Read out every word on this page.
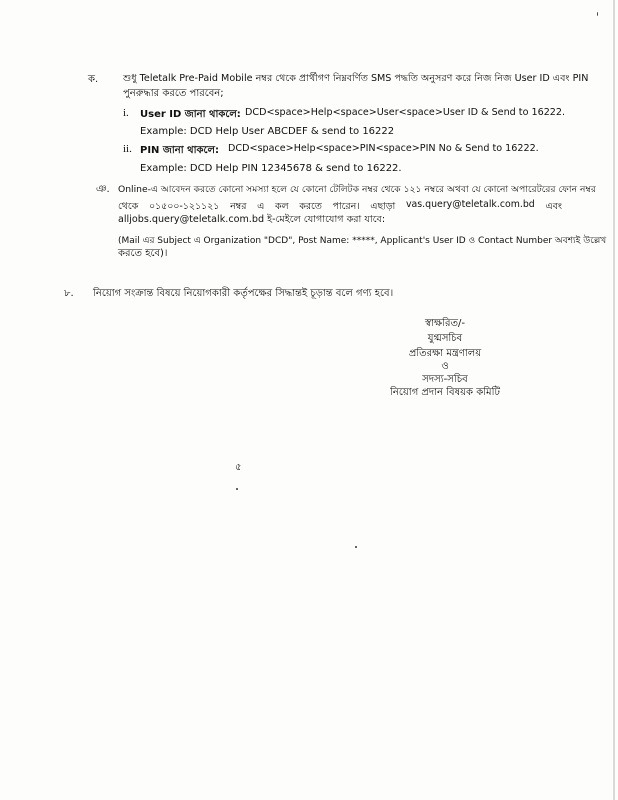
ক.	শুধু Teletalk Pre-Paid Mobile নম্বর থেকে প্রার্থীগণ নিম্নবর্ণিত SMS পদ্ধতি অনুসরণ করে নিজ নিজ User ID এবং PIN
পুনরুদ্ধার করতে পারবেন;
i. User ID জানা থাকলে: DCD<space>Help<space>User<space>User ID & Send to 16222.
Example: DCD Help User ABCDEF & send to 16222
ii. PIN জানা থাকলে: DCD<space>Help<space>PIN<space>PIN No & Send to 16222.
Example: DCD Help PIN 12345678 & send to 16222.
ঞ. Online-এ আবেদন করতে কোনো সমস্যা হলে যে কোনো টেলিটক নম্বর থেকে ১২১ নম্বরে অথবা যে কোনো অপারেটরের ফোন নম্বর
থেকে ০১৫০০-১২১১২১ নম্বর এ কল করতে পারেন। এছাড়া vas.query@teletalk.com.bd এবং
alljobs.query@teletalk.com.bd ই-মেইলে যোগাযোগ করা যাবে:
(Mail এর Subject এ Organization "DCD", Post Name: *****, Applicant's User ID ও Contact Number অবশ্যই উল্লেখ
করতে হবে)।
৮. নিয়োগ সংক্রান্ত বিষয়ে নিয়োগকারী কর্তৃপক্ষের সিদ্ধান্তই চূড়ান্ত বলে গণ্য হবে।
স্বাক্ষরিত/-
যুগ্মসচিব
প্রতিরক্ষা মন্ত্রণালয়
ও
সদস্য-সচিব
নিয়োগ প্রদান বিষয়ক কমিটি
৫
